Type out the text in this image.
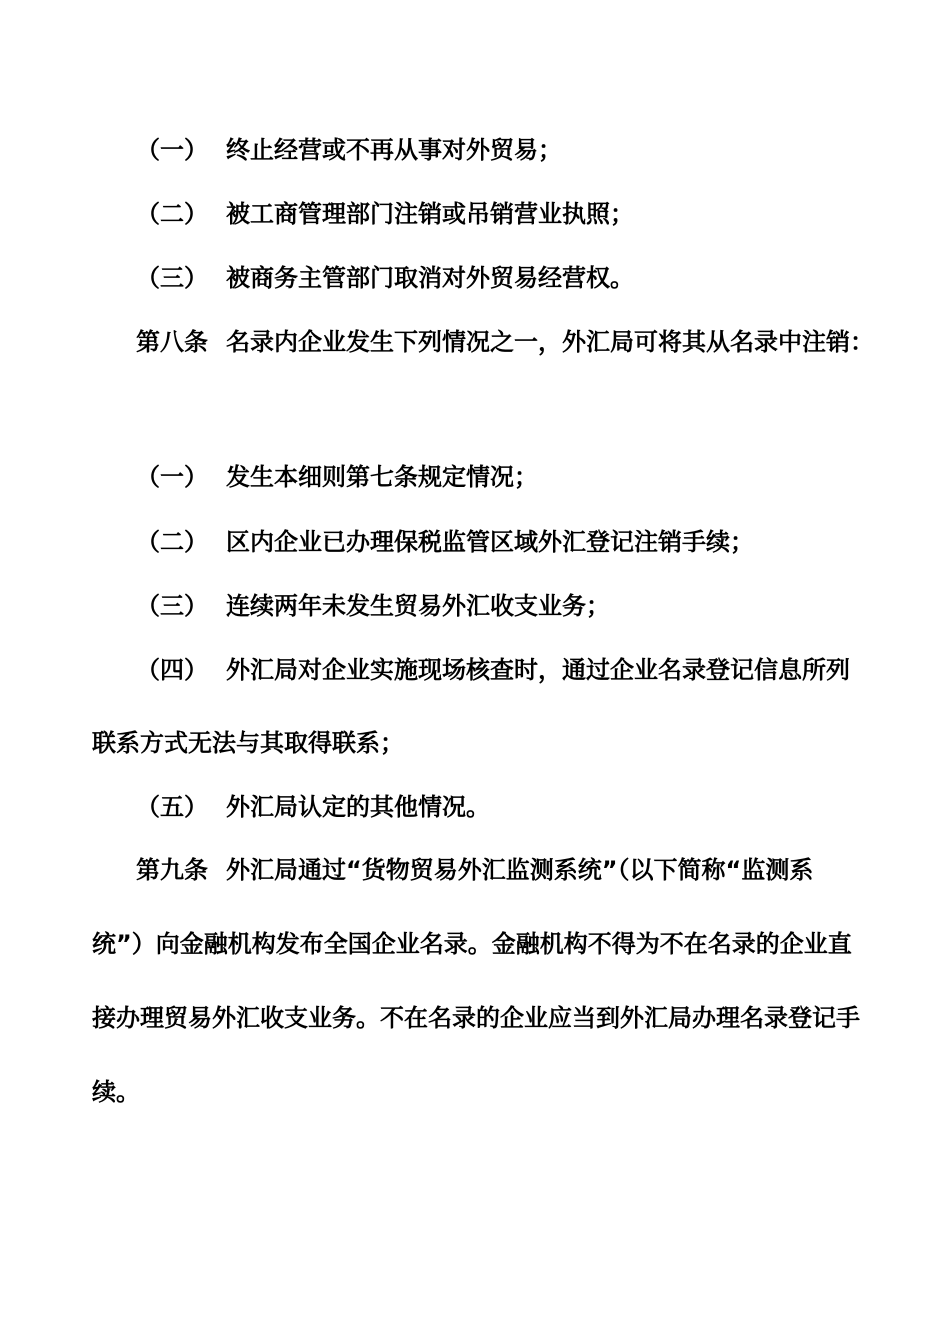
（一） 终止经营或不再从事对外贸易；
（二） 被工商管理部门注销或吊销营业执照；
（三） 被商务主管部门取消对外贸易经营权。
第八条 名录内企业发生下列情况之一，外汇局可将其从名录中注销：
（一） 发生本细则第七条规定情况；
（二） 区内企业已办理保税监管区域外汇登记注销手续；
（三） 连续两年未发生贸易外汇收支业务；
（四） 外汇局对企业实施现场核查时，通过企业名录登记信息所列
联系方式无法与其取得联系；
（五） 外汇局认定的其他情况。
第九条 外汇局通过“货物贸易外汇监测系统”（以下简称“监测系
统”）向金融机构发布全国企业名录。金融机构不得为不在名录的企业直
接办理贸易外汇收支业务。不在名录的企业应当到外汇局办理名录登记手
续。
